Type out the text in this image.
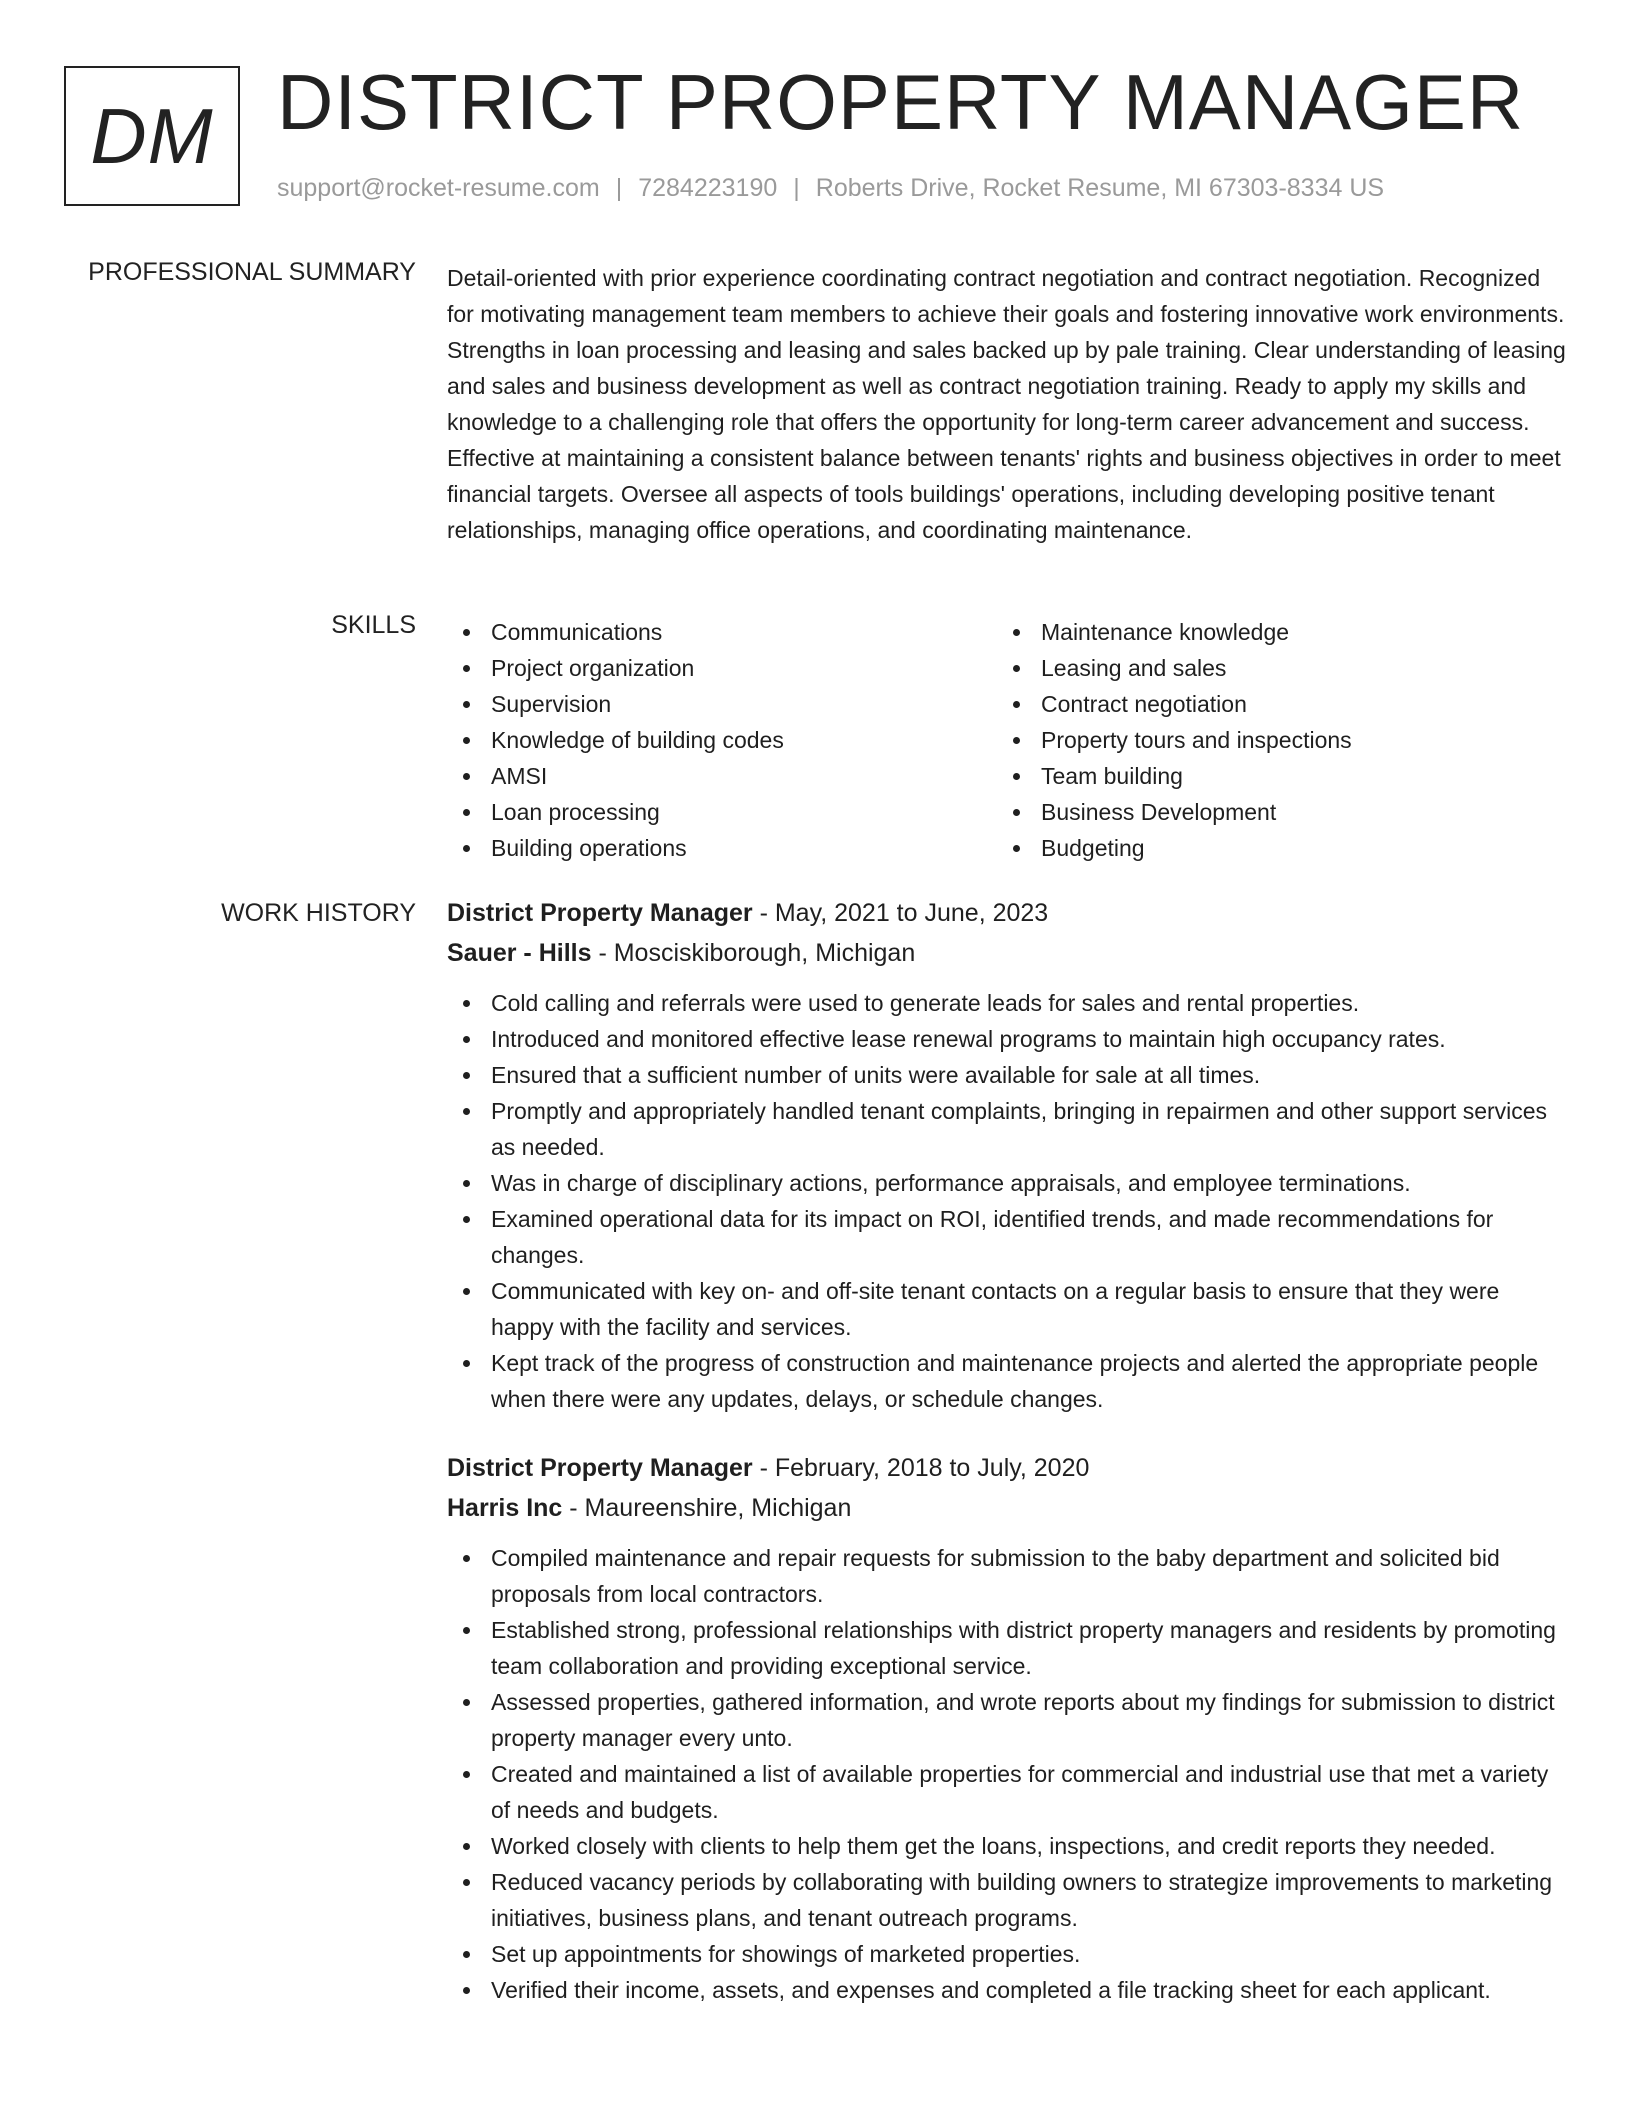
DM DISTRICT PROPERTY MANAGER
support@rocket-resume.com | 7284223190 | Roberts Drive, Rocket Resume, MI 67303-8334 US
PROFESSIONAL SUMMARY Detail-oriented with prior experience coordinating contract negotiation and contract negotiation. Recognized for motivating management team members to achieve their goals and fostering innovative work environments. Strengths in loan processing and leasing and sales backed up by pale training. Clear understanding of leasing and sales and business development as well as contract negotiation training. Ready to apply my skills and knowledge to a challenging role that offers the opportunity for long-term career advancement and success. Effective at maintaining a consistent balance between tenants' rights and business objectives in order to meet financial targets. Oversee all aspects of tools buildings' operations, including developing positive tenant relationships, managing office operations, and coordinating maintenance.

SKILLS	Communications
Project organization
Supervision
Knowledge of building codes
AMSI
Loan processing
Building operations
Maintenance knowledge
Leasing and sales
Contract negotiation
Property tours and inspections
Team building
Business Development
Budgeting
WORK HISTORY District Property Manager - May, 2021 to June, 2023
Sauer - Hills - Mosciskiborough, Michigan
Cold calling and referrals were used to generate leads for sales and rental properties.
Introduced and monitored effective lease renewal programs to maintain high occupancy rates.
Ensured that a sufficient number of units were available for sale at all times.
Promptly and appropriately handled tenant complaints, bringing in repairmen and other support services as needed.
Was in charge of disciplinary actions, performance appraisals, and employee terminations.
Examined operational data for its impact on ROI, identified trends, and made recommendations for changes.
Communicated with key on- and off-site tenant contacts on a regular basis to ensure that they were happy with the facility and services.
Kept track of the progress of construction and maintenance projects and alerted the appropriate people when there were any updates, delays, or schedule changes.
District Property Manager - February, 2018 to July, 2020
Harris Inc - Maureenshire, Michigan
Compiled maintenance and repair requests for submission to the baby department and solicited bid proposals from local contractors.
Established strong, professional relationships with district property managers and residents by promoting team collaboration and providing exceptional service.
Assessed properties, gathered information, and wrote reports about my findings for submission to district property manager every unto.
Created and maintained a list of available properties for commercial and industrial use that met a variety of needs and budgets.
Worked closely with clients to help them get the loans, inspections, and credit reports they needed.
Reduced vacancy periods by collaborating with building owners to strategize improvements to marketing initiatives, business plans, and tenant outreach programs.
Set up appointments for showings of marketed properties.
Verified their income, assets, and expenses and completed a file tracking sheet for each applicant.
